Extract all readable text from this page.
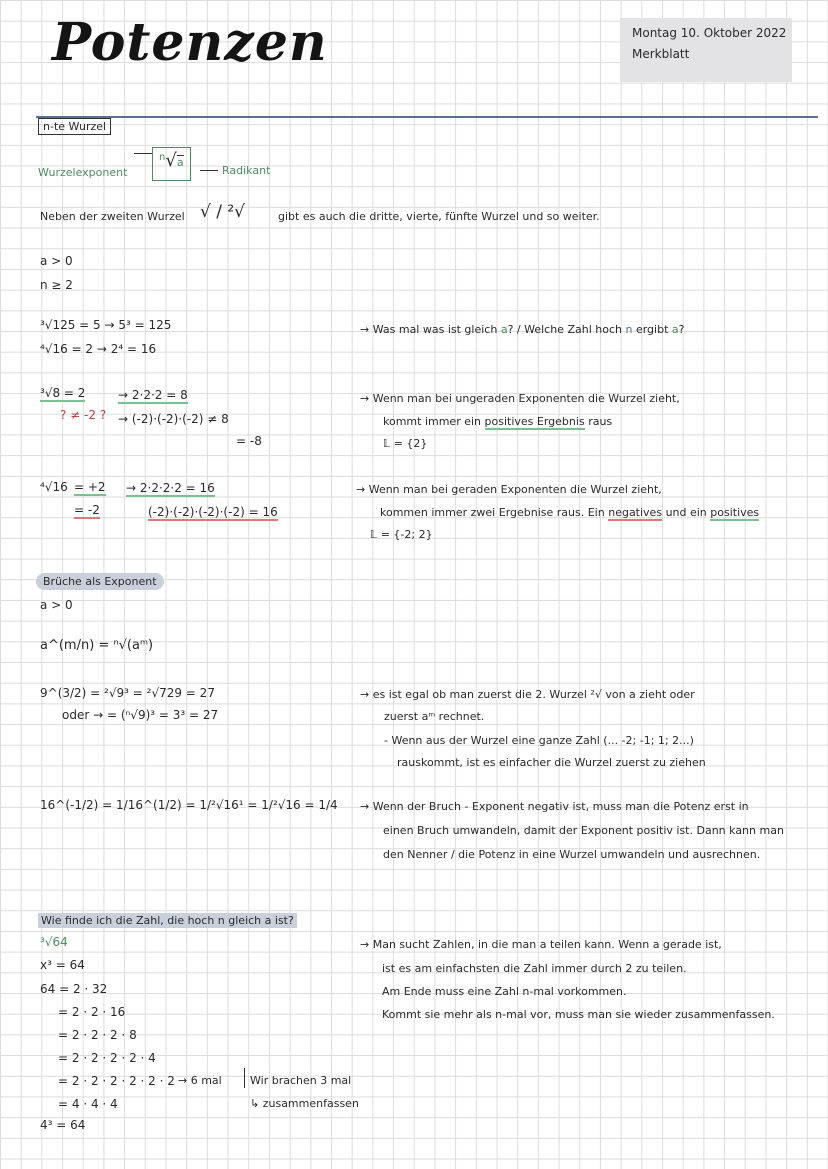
Potenzen	Montag 10. Oktober 2022
Merkblatt
n-te Wurzel
Wurzelexponent
n√a
Radikant
Neben der zweiten Wurzel √ / ²√	gibt es auch die dritte, vierte, fünfte Wurzel und so weiter.
a > 0
n ≥ 2
³√125 = 5 → 5³ = 125
⁴√16 = 2 → 2⁴ = 16
→ Was mal was ist gleich a? / Welche Zahl hoch n ergibt a?
³√8 = 2
? ≠ -2 ?
→ 2·2·2 = 8
→ (-2)·(-2)·(-2) ≠ 8
= -8
→ Wenn man bei ungeraden Exponenten die Wurzel zieht,
kommt immer ein positives Ergebnis raus
𝕃 = {2}
⁴√16 = +2
= -2
→ 2·2·2·2 = 16
(-2)·(-2)·(-2)·(-2) = 16
→ Wenn man bei geraden Exponenten die Wurzel zieht,
kommen immer zwei Ergebnise raus. Ein negatives und ein positives
𝕃 = {-2; 2}
Brüche als Exponent
a > 0
a^(m/n) = ⁿ√(aᵐ)
9^(3/2) = ²√9³ = ²√729 = 27
oder → = (ⁿ√9)³ = 3³ = 27
→ es ist egal ob man zuerst die 2. Wurzel ²√ von a zieht oder
zuerst aᵐ rechnet.
- Wenn aus der Wurzel eine ganze Zahl (... -2; -1; 1; 2...)
rauskommt, ist es einfacher die Wurzel zuerst zu ziehen
16^(-1/2) = 1/16^(1/2) = 1/²√16¹ = 1/²√16 = 1/4 → Wenn der Bruch - Exponent negativ ist, muss man die Potenz erst in
einen Bruch umwandeln, damit der Exponent positiv ist. Dann kann man
den Nenner / die Potenz in eine Wurzel umwandeln und ausrechnen.
Wie finde ich die Zahl, die hoch n gleich a ist?
³√64
x³ = 64
64 = 2 · 32
= 2 · 2 · 16
= 2 · 2 · 2 · 8
= 2 · 2 · 2 · 2 · 4
= 2 · 2 · 2 · 2 · 2 · 2
= 4 · 4 · 4
4³ = 64
→ 6 mal	Wir brachen 3 mal
↳ zusammenfassen
→ Man sucht Zahlen, in die man a teilen kann. Wenn a gerade ist,
ist es am einfachsten die Zahl immer durch 2 zu teilen.
Am Ende muss eine Zahl n-mal vorkommen.
Kommt sie mehr als n-mal vor, muss man sie wieder zusammenfassen.
